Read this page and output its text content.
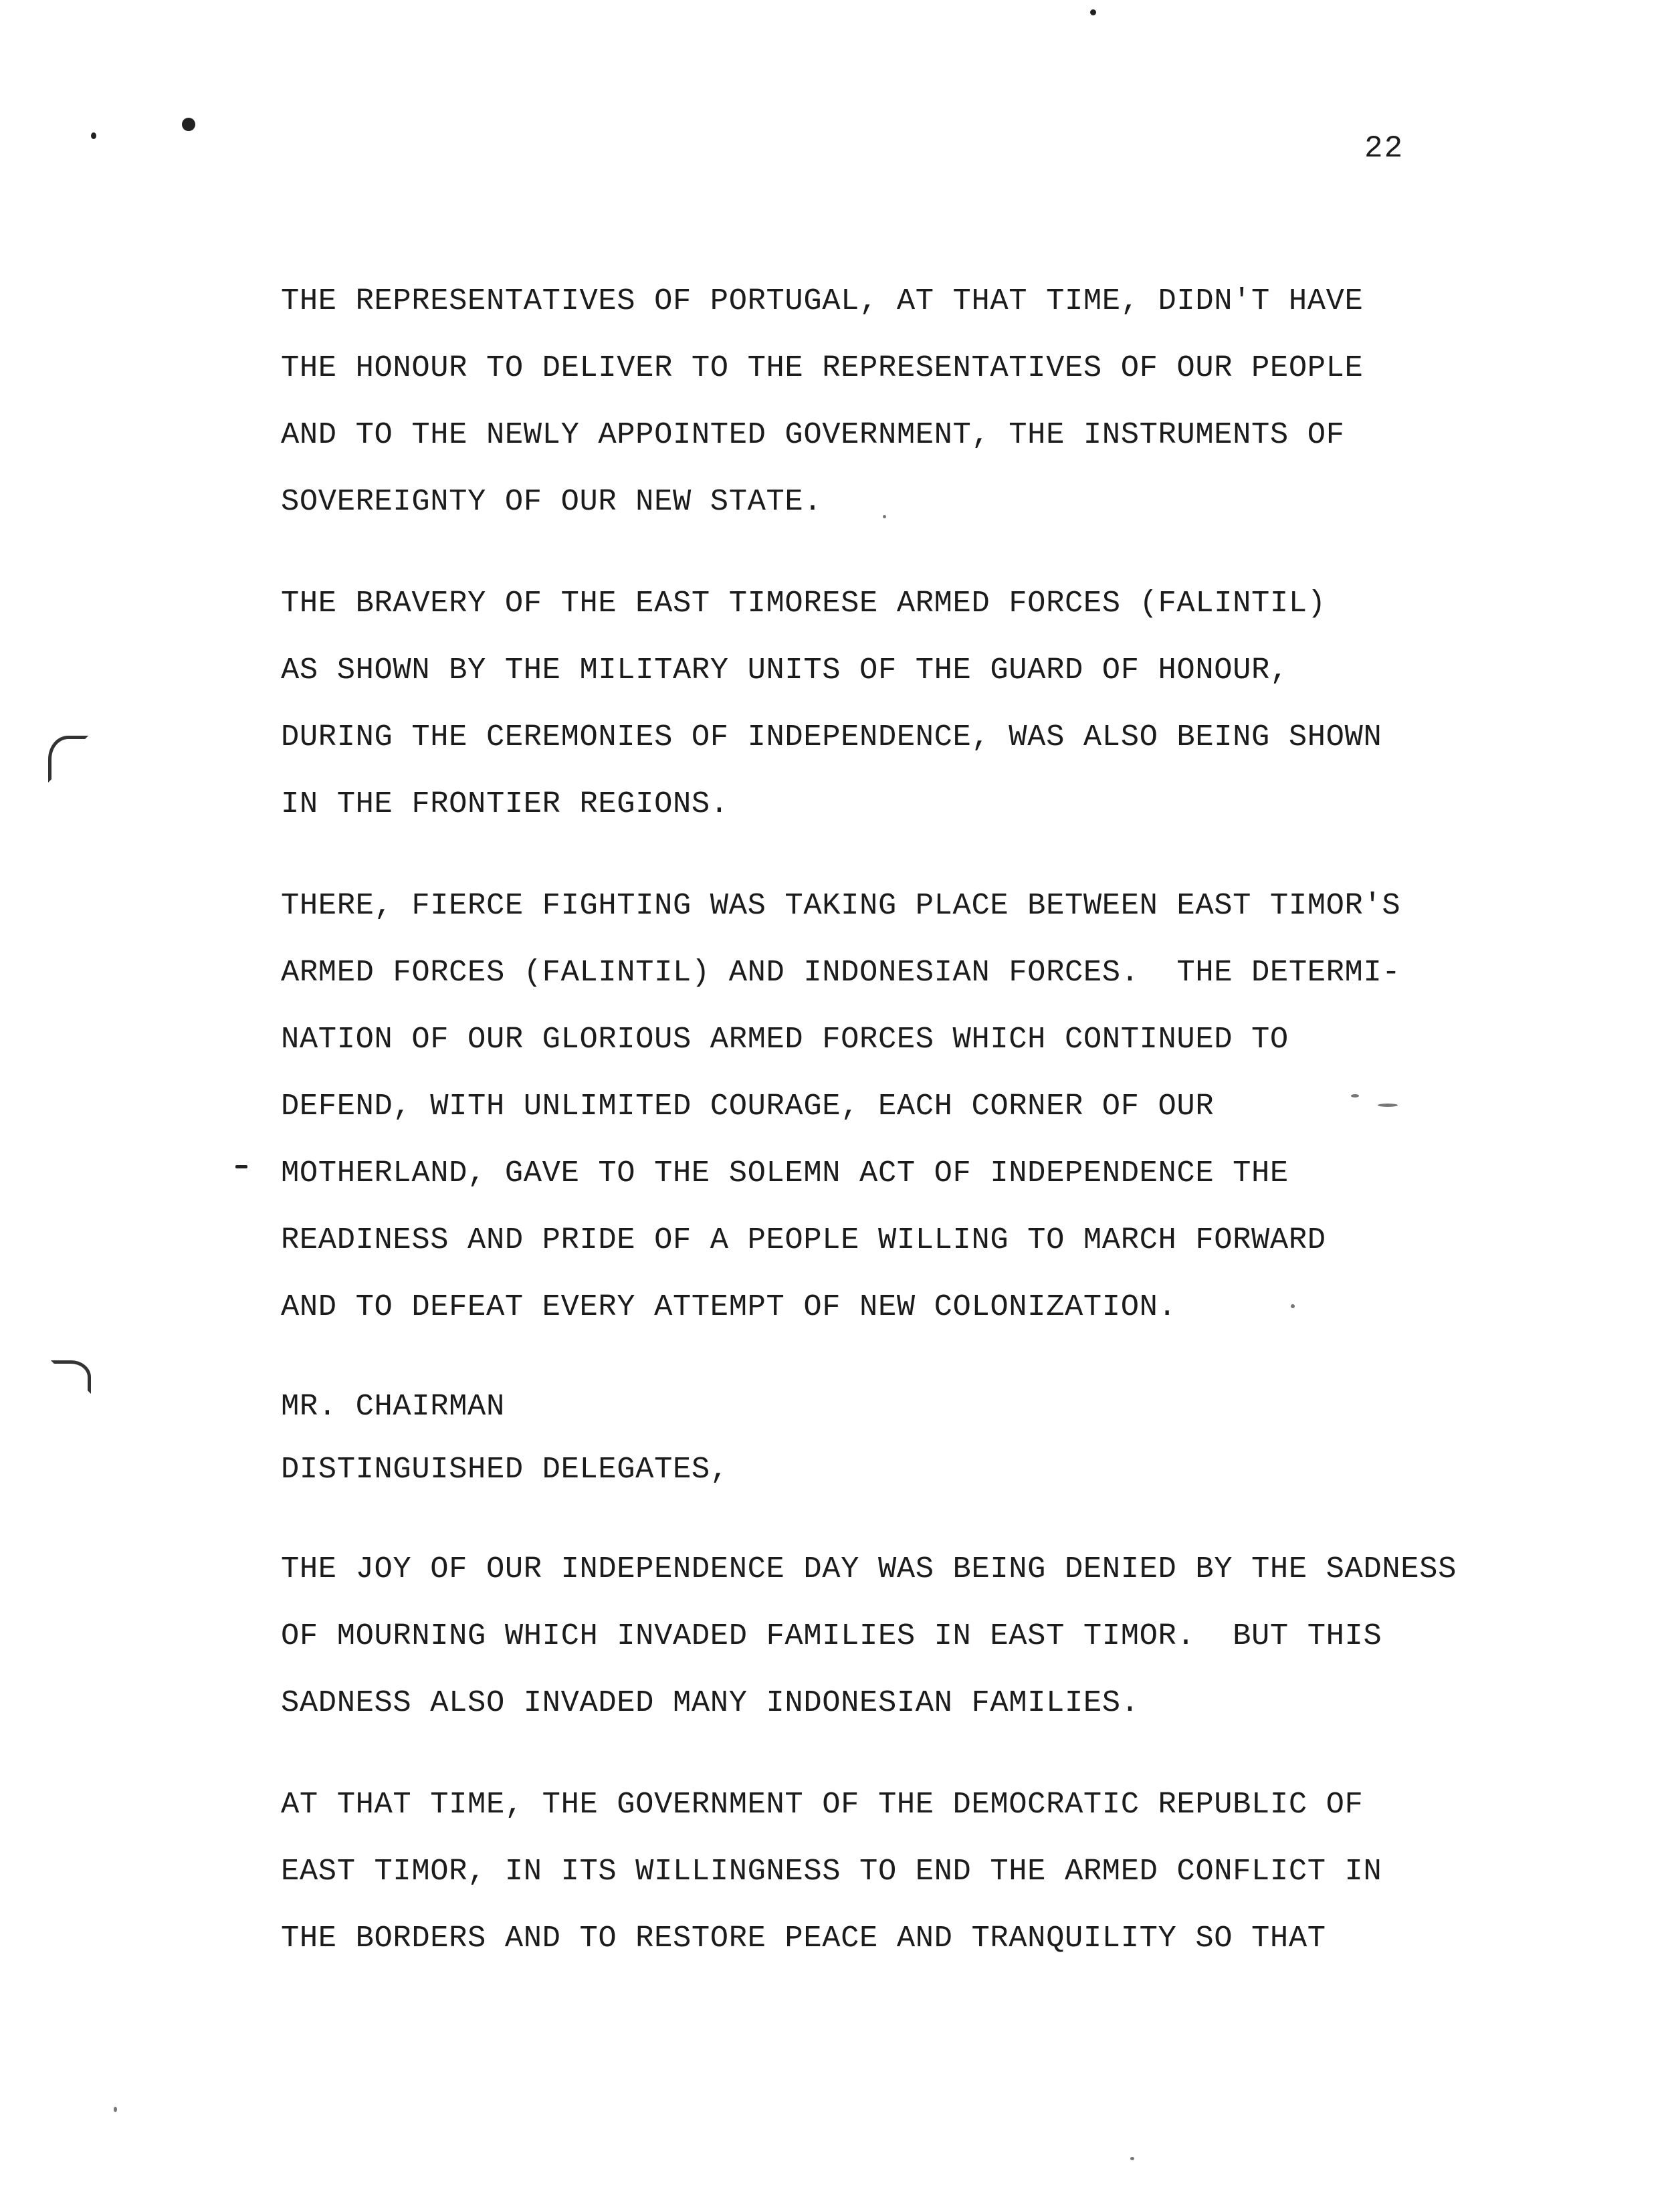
22
THE REPRESENTATIVES OF PORTUGAL, AT THAT TIME, DIDN'T HAVE
THE HONOUR TO DELIVER TO THE REPRESENTATIVES OF OUR PEOPLE
AND TO THE NEWLY APPOINTED GOVERNMENT, THE INSTRUMENTS OF
SOVEREIGNTY OF OUR NEW STATE.
THE BRAVERY OF THE EAST TIMORESE ARMED FORCES (FALINTIL)
AS SHOWN BY THE MILITARY UNITS OF THE GUARD OF HONOUR,
DURING THE CEREMONIES OF INDEPENDENCE, WAS ALSO BEING SHOWN
IN THE FRONTIER REGIONS.
THERE, FIERCE FIGHTING WAS TAKING PLACE BETWEEN EAST TIMOR'S
ARMED FORCES (FALINTIL) AND INDONESIAN FORCES.  THE DETERMI-
NATION OF OUR GLORIOUS ARMED FORCES WHICH CONTINUED TO
DEFEND, WITH UNLIMITED COURAGE, EACH CORNER OF OUR
MOTHERLAND, GAVE TO THE SOLEMN ACT OF INDEPENDENCE THE
READINESS AND PRIDE OF A PEOPLE WILLING TO MARCH FORWARD
AND TO DEFEAT EVERY ATTEMPT OF NEW COLONIZATION.
MR. CHAIRMAN
DISTINGUISHED DELEGATES,
THE JOY OF OUR INDEPENDENCE DAY WAS BEING DENIED BY THE SADNESS
OF MOURNING WHICH INVADED FAMILIES IN EAST TIMOR.  BUT THIS
SADNESS ALSO INVADED MANY INDONESIAN FAMILIES.
AT THAT TIME, THE GOVERNMENT OF THE DEMOCRATIC REPUBLIC OF
EAST TIMOR, IN ITS WILLINGNESS TO END THE ARMED CONFLICT IN
THE BORDERS AND TO RESTORE PEACE AND TRANQUILITY SO THAT
